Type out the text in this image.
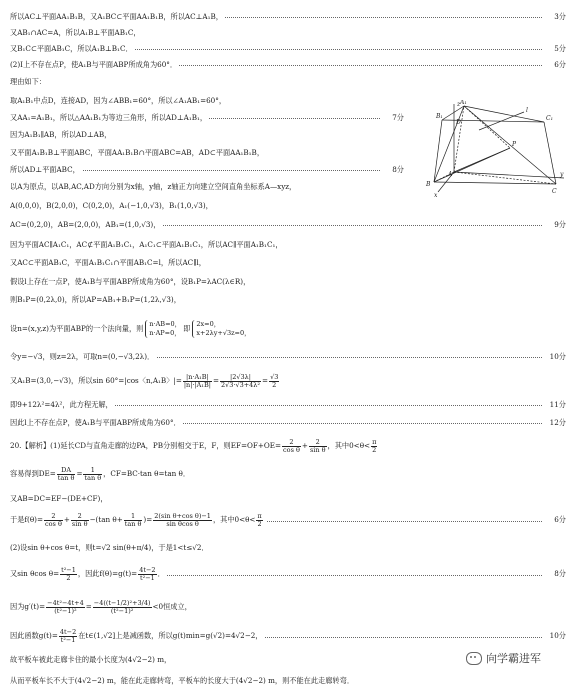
所以AC⊥平面AA₁B₁B，又A₁BC⊂平面AA₁B₁B，所以AC⊥A₁B，	3分
又AB₁∩AC=A，所以A₁B⊥平面AB₁C，
又B₁C⊂平面AB₁C，所以A₁B⊥B₁C．	5分
(2)I上不存在点P，使A₁B与平面ABP所成角为60°．	6分
理由如下：
取A₁B₁中点D，连接AD，因为∠ABB₁=60°，所以∠A₁AB₁=60°，
又AA₁=A₁B₁，所以△AA₁B₁为等边三角形，所以AD⊥A₁B₁，	7分
因为A₁B₁∥AB，所以AD⊥AB，
又平面A₁B₁B⊥平面ABC，平面AA₁B₁B∩平面ABC=AB，AD⊂平面AA₁B₁B，
所以AD⊥平面ABC，	8分
B₁
A₁
C₁
A
B
C
P
D
x
y
z
l
以A为原点，以AB,AC,AD方向分别为x轴，y轴，z轴正方向建立空间直角坐标系A—xyz，
A(0,0,0)，B(2,0,0)，C(0,2,0)，A₁(−1,0,√3)，B₁(1,0,√3)，
AC=(0,2,0)，AB=(2,0,0)，AB₁=(1,0,√3)，	9分
因为平面AC∥A₁C₁，AC⊄平面A₁B₁C₁，A₁C₁⊂平面A₁B₁C₁，所以AC∥平面A₁B₁C₁，
又AC⊂平面AB₁C，平面A₁B₁C₁∩平面AB₁C=l，所以AC∥l，
假设l上存在一点P，使A₁B与平面ABP所成角为60°，设B₁P=λAC(λ∈R)，
则B₁P=(0,2λ,0)，所以AP=AB₁+B₁P=(1,2λ,√3)，
设n=(x,y,z)为平面ABP的一个法向量，则 n·AB=0，
n·AP=0， 即 2x=0，
x+2λy+√3z=0，
令y=−√3，则z=2λ，可取n=(0,−√3,2λ)．	10分
又A₁B=(3,0,−√3)，所以sin 60°=|cos〈n,A₁B〉|= $\frac{\text{|n·A₁B|}}{\text{|n|·|A₁B|}} = \frac{|2√3\lambda|}{\text{2√3·√3+4λ²}} = \frac{√3}{2}$
即9+12λ²=4λ²，此方程无解，	11分
因此l上不存在点P，使A₁B与平面ABP所成角为60°．	12分
20.【解析】(1)延长CD与直角走廊的边PA，PB分别相交于E，F，则$EF=OF+OE= \frac{2}{\text{cos θ}} + \frac{2}{\text{sin θ}}$ ，其中$0<\theta< \frac{\pi}{2}$
容易得到$DE= \frac{DA}{\text{tan θ}} = \frac{1}{\text{tan θ}}$ ，CF=BC·tan θ=tan θ．
又AB=DC=EF−(DE+CF)，
于是$f(\theta)= \frac{2}{\text{cos θ}} + \frac{2}{\text{sin θ}} -(\tan$ $\theta+ \frac{1}{\text{tan θ}}$ )= $\frac{\text{2(sin θ+cos θ)−1}}{\text{sin θcos θ}}$ ，其中$0<\theta< \frac{\pi}{2}$	6分
(2)设sin θ+cos θ=t，则t=√2 sin(θ+π/4)，于是1<t≤√2．
又sin θcos $\theta= \frac{\text{t²−1}}{2}$ ，因此$f(\theta)=g(t)= \frac{4t-2}{\text{t²−1}}$ ．	8分
因为$g'(t)= \frac{\text{−4t²−4t+4}}{\text{(t²−1)²}} = \frac{\text{−4((t−1/2)²+3/4)}}{\text{(t²−1)²}} <0$恒成立，
因此函数$g(t)= \frac{4t-2}{\text{t²−1}}$ 在t∈(1,√2]上是减函数，所以g(t)min=g(√2)=4√2−2，	10分
故平板车被此走廊卡住的最小长度为(4√2−2) m，
从而平板车长不大于(4√2−2) m，能在此走廊转弯，平板车的长度大于(4√2−2) m，则不能在此走廊转弯．
向学霸进军
